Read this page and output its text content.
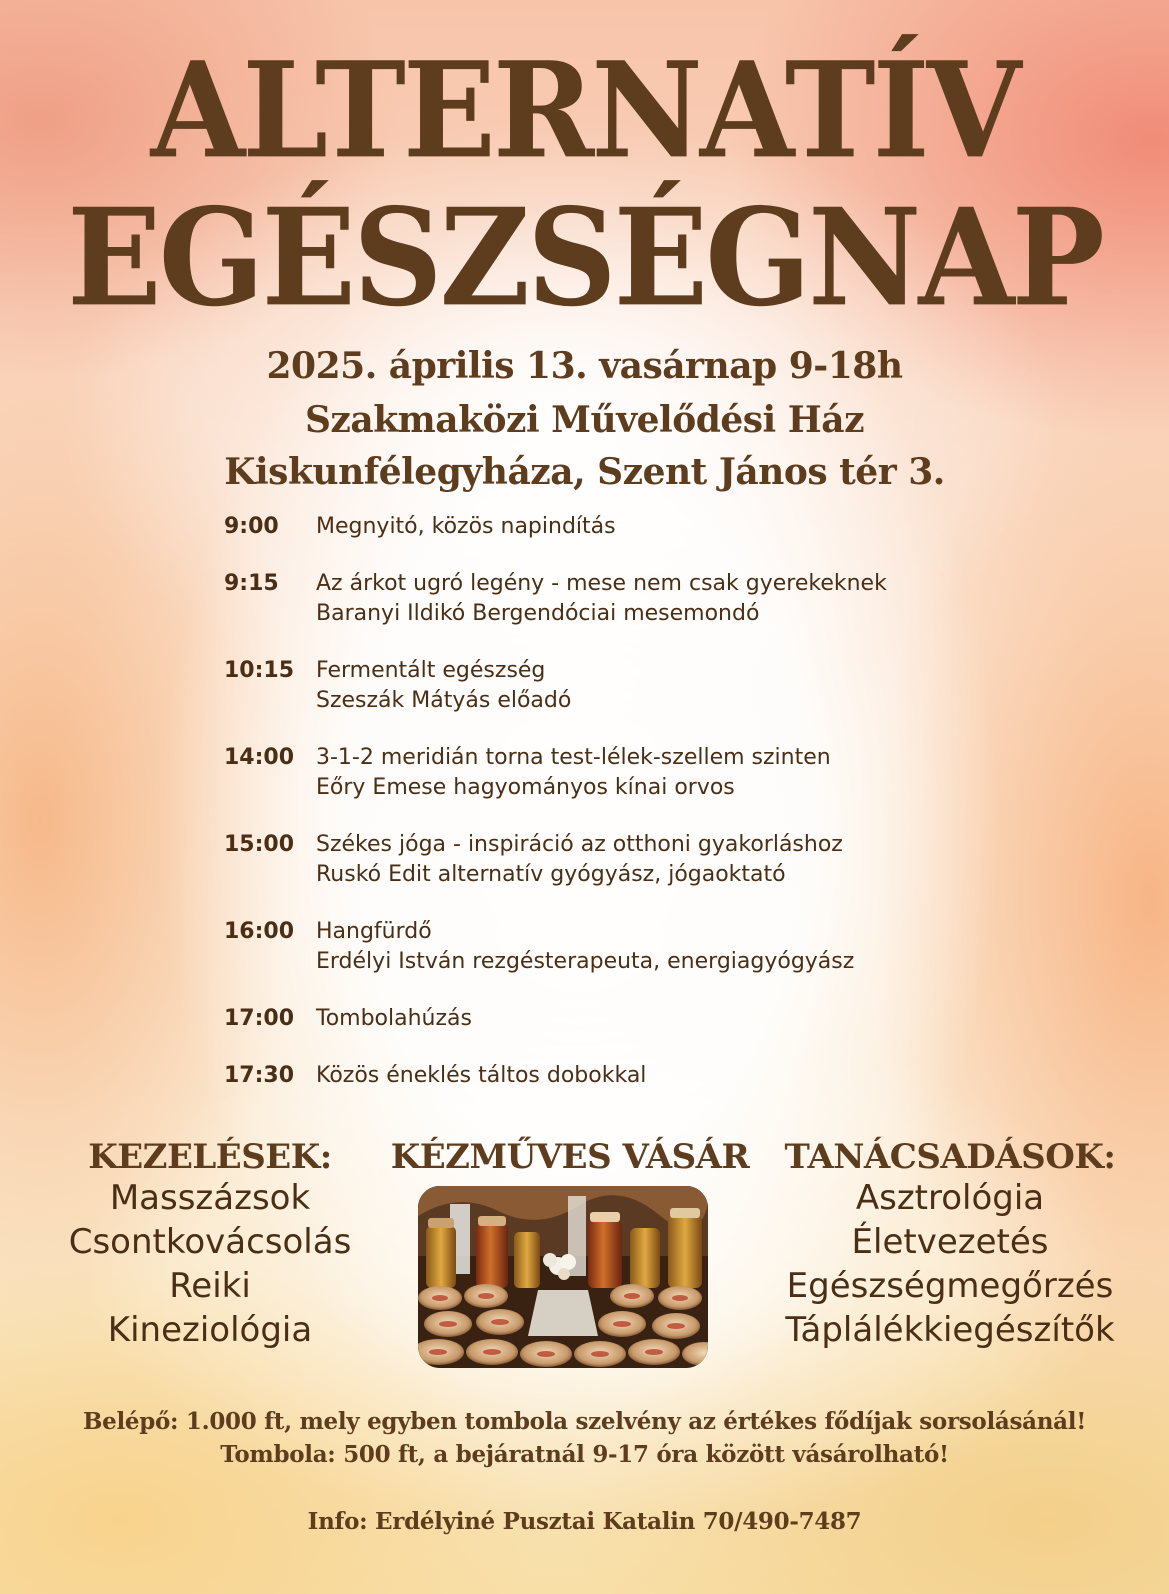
ALTERNATÍV
EGÉSZSÉGNAP
2025. április 13. vasárnap 9-18h
Szakmaközi Művelődési Ház
Kiskunfélegyháza, Szent János tér 3.
9:00	Megnyitó, közös napindítás
9:15	Az árkot ugró legény - mese nem csak gyerekeknek
Baranyi Ildikó Bergendóciai mesemondó
10:15 Fermentált egészség
Szeszák Mátyás előadó
14:00 3-1-2 meridián torna test-lélek-szellem szinten
Eőry Emese hagyományos kínai orvos
15:00 Székes jóga - inspiráció az otthoni gyakorláshoz
Ruskó Edit alternatív gyógyász, jógaoktató
16:00 Hangfürdő
Erdélyi István rezgésterapeuta, energiagyógyász
17:00 Tombolahúzás
17:30 Közös éneklés táltos dobokkal
KEZELÉSEK:
Masszázsok
Csontkovácsolás
Reiki
Kineziológia
KÉZMŰVES VÁSÁR	TANÁCSADÁSOK:
Asztrológia
Életvezetés
Egészségmegőrzés
Táplálékkiegészítők
Belépő: 1.000 ft, mely egyben tombola szelvény az értékes fődíjak sorsolásánál!
Tombola: 500 ft, a bejáratnál 9-17 óra között vásárolható!
Info: Erdélyiné Pusztai Katalin 70/490-7487
